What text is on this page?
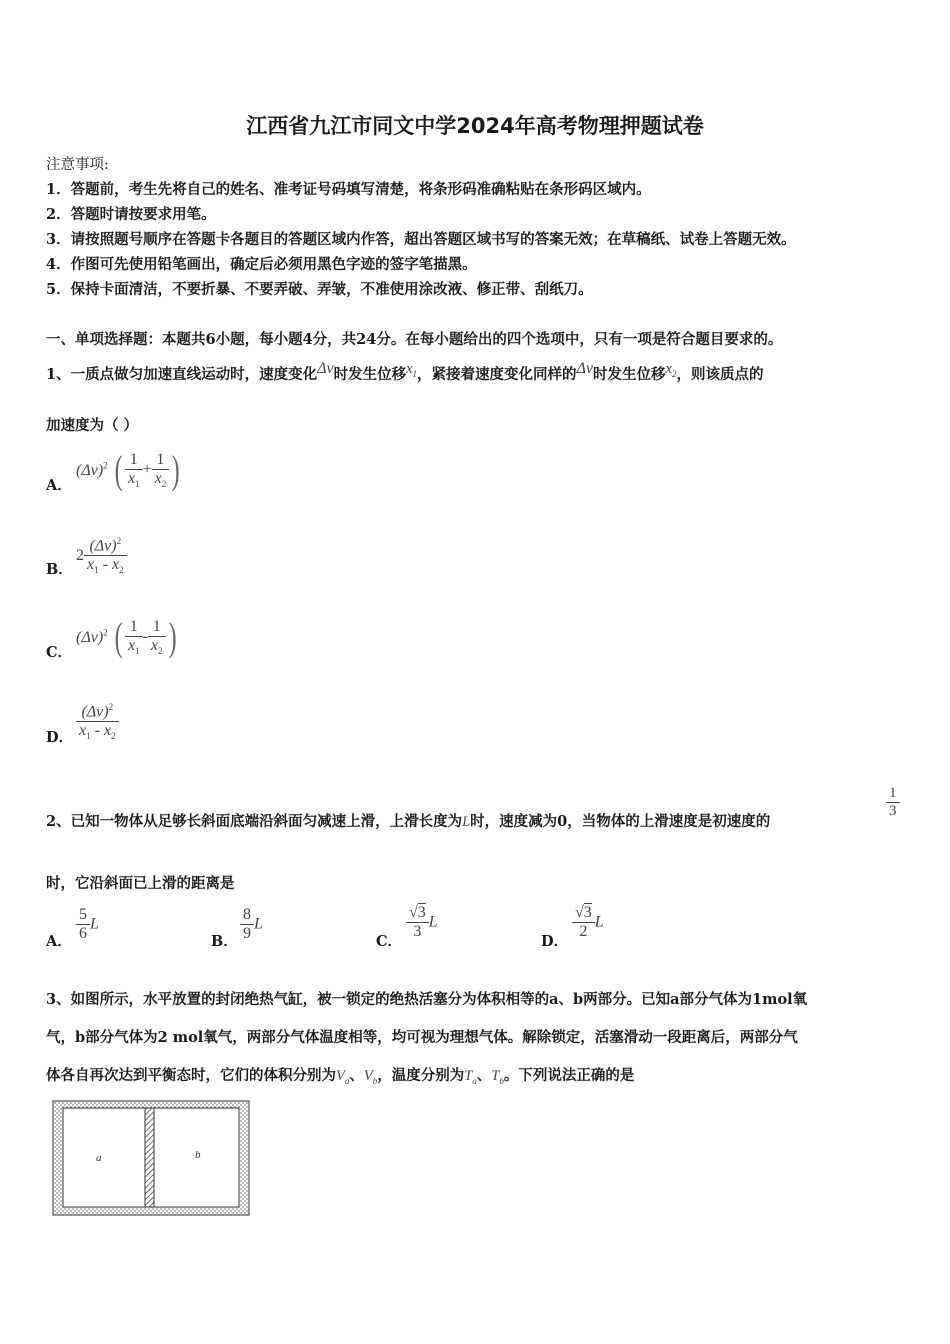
江西省九江市同文中学2024年高考物理押题试卷
注意事项:
1．答题前，考生先将自己的姓名、准考证号码填写清楚，将条形码准确粘贴在条形码区域内。
2．答题时请按要求用笔。
3．请按照题号顺序在答题卡各题目的答题区域内作答，超出答题区域书写的答案无效；在草稿纸、试卷上答题无效。
4．作图可先使用铅笔画出，确定后必须用黑色字迹的签字笔描黑。
5．保持卡面清洁，不要折暴、不要弄破、弄皱，不准使用涂改液、修正带、刮纸刀。
一、单项选择题：本题共6小题，每小题4分，共24分。在每小题给出的四个选项中，只有一项是符合题目要求的。
1、一质点做匀加速直线运动时，速度变化Δv时发生位移$x_1$，紧接着速度变化同样的Δv时发生位移$x_2$，则该质点的
加速度为（ ）
A．
$(\Delta v)^2$ ( $\frac{1}{x_1} + \frac{1}{x_2}$ )
B．
$2 \frac{(\Delta v)^2}{x_1 - x_2}$
C．
$(\Delta v)^2$ ( $\frac{1}{x_1} - \frac{1}{x_2}$ )
D． $\frac{(\Delta v)^2}{x_1 - x_2}$
2、已知一物体从足够长斜面底端沿斜面匀减速上滑，上滑长度为L时，速度减为0，当物体的上滑速度是初速度的
$\frac{1}{3}$
时，它沿斜面已上滑的距离是
A． $\frac{5}{6}$ L
B． $\frac{8}{9}$ L
C．
$\frac{√3}{3}$ L
D．
$\frac{√3}{2}$ L
3、如图所示，水平放置的封闭绝热气缸，被一锁定的绝热活塞分为体积相等的a、b两部分。已知a部分气体为1mol氧
气，b部分气体为2 mol氧气，两部分气体温度相等，均可视为理想气体。解除锁定，活塞滑动一段距离后，两部分气
体各自再次达到平衡态时，它们的体积分别为$V_a$、$V_b$，温度分别为$T_a$、$T_b$。下列说法正确的是
a	b
